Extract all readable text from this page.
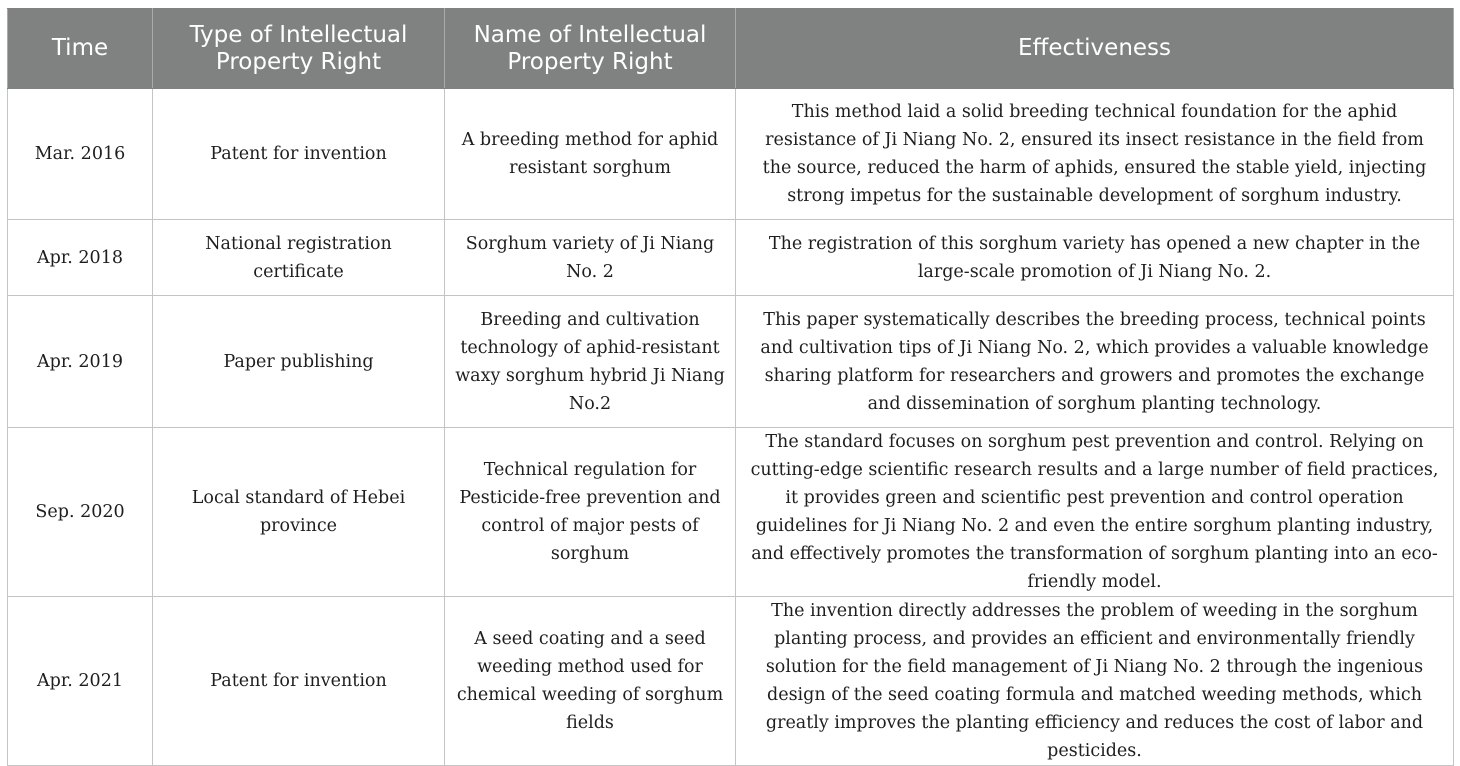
Time	Type of Intellectual Property Right	Name of Intellectual Property Right	Effectiveness
Mar. 2016	Patent for invention	A breeding method for aphid resistant sorghum	This method laid a solid breeding technical foundation for the aphid resistance of Ji Niang No. 2, ensured its insect resistance in the field from the source, reduced the harm of aphids, ensured the stable yield, injecting strong impetus for the sustainable development of sorghum industry.
Apr. 2018	National registration certificate	Sorghum variety of Ji Niang No. 2	The registration of this sorghum variety has opened a new chapter in the large-scale promotion of Ji Niang No. 2.
Apr. 2019	Paper publishing	Breeding and cultivation technology of aphid-resistant waxy sorghum hybrid Ji Niang No.2	This paper systematically describes the breeding process, technical points and cultivation tips of Ji Niang No. 2, which provides a valuable knowledge sharing platform for researchers and growers and promotes the exchange and dissemination of sorghum planting technology.
Sep. 2020	Local standard of Hebei province	Technical regulation for Pesticide-free prevention and control of major pests of sorghum	The standard focuses on sorghum pest prevention and control. Relying on cutting-edge scientific research results and a large number of field practices, it provides green and scientific pest prevention and control operation guidelines for Ji Niang No. 2 and even the entire sorghum planting industry, and effectively promotes the transformation of sorghum planting into an eco-friendly model.
Apr. 2021	Patent for invention	A seed coating and a seed weeding method used for chemical weeding of sorghum fields	The invention directly addresses the problem of weeding in the sorghum planting process, and provides an efficient and environmentally friendly solution for the field management of Ji Niang No. 2 through the ingenious design of the seed coating formula and matched weeding methods, which greatly improves the planting efficiency and reduces the cost of labor and pesticides.
